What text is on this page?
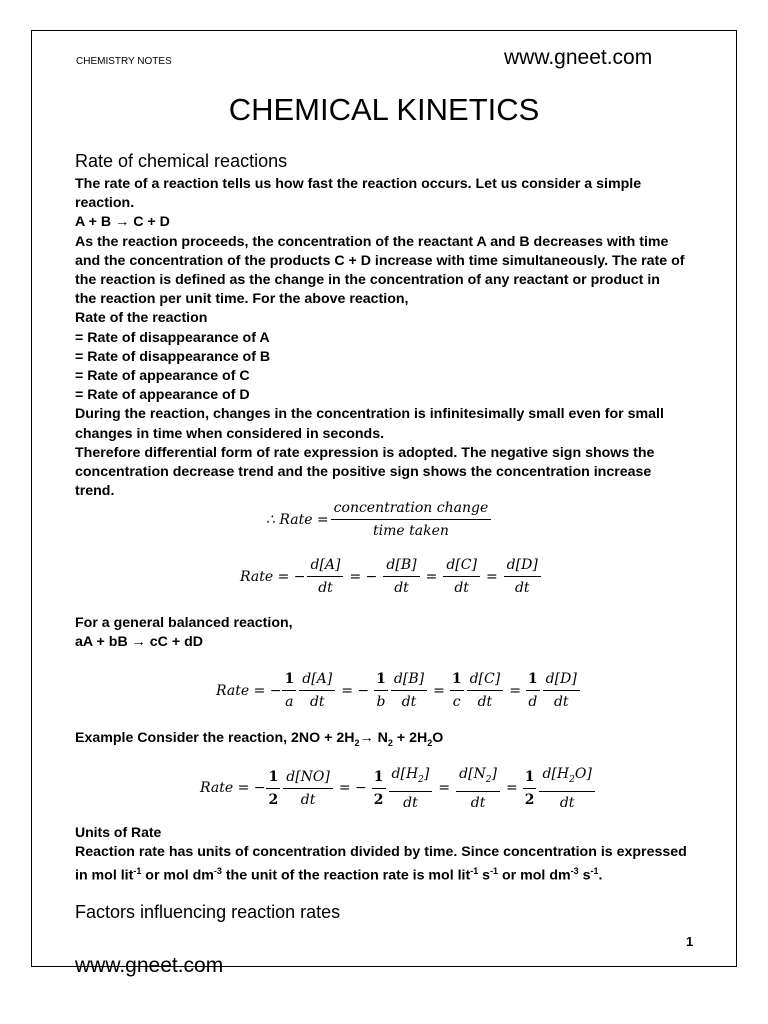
CHEMISTRY NOTES	www.gneet.com
CHEMICAL KINETICS
Rate of chemical reactions

The rate of a reaction tells us how fast the reaction occurs. Let us consider a simple

reaction.

A + B → C + D

As the reaction proceeds, the concentration of the reactant A and B decreases with time

and the concentration of the products C + D increase with time simultaneously. The rate of

the reaction is defined as the change in the concentration of any reactant or product in

the reaction per unit time. For the above reaction,

Rate of the reaction

= Rate of disappearance of A

= Rate of disappearance of B

= Rate of appearance of C

= Rate of appearance of D

During the reaction, changes in the concentration is infinitesimally small even for small

changes in time when considered in seconds.

Therefore differential form of rate expression is adopted. The negative sign shows the

concentration decrease trend and the positive sign shows the concentration increase

trend.

∴ Rate = $\frac{\text{concentration change}}{\text{time taken}}$
Rate = − $\frac{d[A]}{dt}$ = − $\frac{d[B]}{dt} = \frac{d[C]}{dt} = \frac{d[D]}{dt}$

For a general balanced reaction,

aA + bB → cC + dD

Rate = − $\frac{1}{a} \frac{d[A]}{dt}$ = − $\frac{1}{b} \frac{d[B]}{dt} = \frac{1}{c} \frac{d[C]}{dt} = \frac{1}{d} \frac{d[D]}{dt}$
Example Consider the reaction, $2NO + 2H_2\to N_2 + 2H_2O$
Rate = − $\frac{1}{2} \frac{d[NO]}{dt}$ = − $\frac{1}{2} \frac{d[H_2]}{dt} = \frac{d[N_2]}{dt} = \frac{1}{2} \frac{d[H_2O]}{dt}$
Units of Rate

Reaction rate has units of concentration divided by time. Since concentration is expressed

in mol lit$^{-1}$ or mol $dm^{-3}$ the unit of the reaction rate is mol lit$^{-1}$ $s^{-1}$ or mol $dm^{-3}$ $s^{-1}$.

Factors influencing reaction rates
1
www.gneet.com
